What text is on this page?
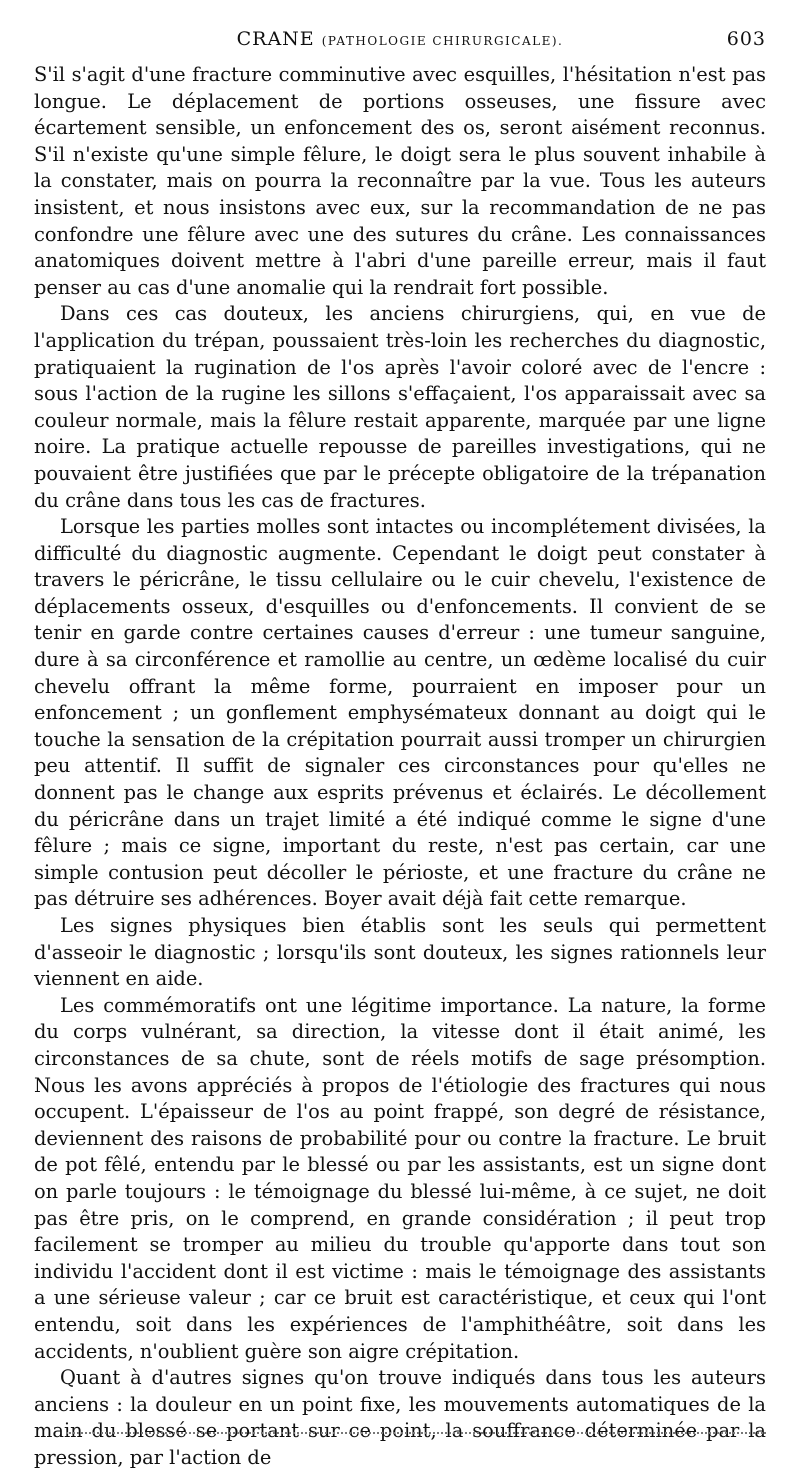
CRANE (PATHOLOGIE CHIRURGICALE).	603

S'il s'agit d'une fracture comminutive avec esquilles, l'hésitation n'est pas longue. Le déplacement de portions osseuses, une fissure avec écartement sensible, un enfoncement des os, seront aisément reconnus. S'il n'existe qu'une simple fêlure, le doigt sera le plus souvent inhabile à la constater, mais on pourra la reconnaître par la vue. Tous les auteurs insistent, et nous insistons avec eux, sur la recommandation de ne pas confondre une fêlure avec une des sutures du crâne. Les connaissances anatomiques doivent mettre à l'abri d'une pareille erreur, mais il faut penser au cas d'une anomalie qui la rendrait fort possible.

Dans ces cas douteux, les anciens chirurgiens, qui, en vue de l'application du trépan, poussaient très-loin les recherches du diagnostic, pratiquaient la rugination de l'os après l'avoir coloré avec de l'encre : sous l'action de la rugine les sillons s'effaçaient, l'os apparaissait avec sa couleur normale, mais la fêlure restait apparente, marquée par une ligne noire. La pratique actuelle repousse de pareilles investigations, qui ne pouvaient être justifiées que par le précepte obligatoire de la trépanation du crâne dans tous les cas de fractures.

Lorsque les parties molles sont intactes ou incomplétement divisées, la difficulté du diagnostic augmente. Cependant le doigt peut constater à travers le péricrâne, le tissu cellulaire ou le cuir chevelu, l'existence de déplacements osseux, d'esquilles ou d'enfoncements. Il convient de se tenir en garde contre certaines causes d'erreur : une tumeur sanguine, dure à sa circonférence et ramollie au centre, un œdème localisé du cuir chevelu offrant la même forme, pourraient en imposer pour un enfoncement ; un gonflement emphysémateux donnant au doigt qui le touche la sensation de la crépitation pourrait aussi tromper un chirurgien peu attentif. Il suffit de signaler ces circonstances pour qu'elles ne donnent pas le change aux esprits prévenus et éclairés. Le décollement du péricrâne dans un trajet limité a été indiqué comme le signe d'une fêlure ; mais ce signe, important du reste, n'est pas certain, car une simple contusion peut décoller le périoste, et une fracture du crâne ne pas détruire ses adhérences. Boyer avait déjà fait cette remarque.

Les signes physiques bien établis sont les seuls qui permettent d'asseoir le diagnostic ; lorsqu'ils sont douteux, les signes rationnels leur viennent en aide.

Les commémoratifs ont une légitime importance. La nature, la forme du corps vulnérant, sa direction, la vitesse dont il était animé, les circonstances de sa chute, sont de réels motifs de sage présomption. Nous les avons appréciés à propos de l'étiologie des fractures qui nous occupent. L'épaisseur de l'os au point frappé, son degré de résistance, deviennent des raisons de probabilité pour ou contre la fracture. Le bruit de pot fêlé, entendu par le blessé ou par les assistants, est un signe dont on parle toujours : le témoignage du blessé lui-même, à ce sujet, ne doit pas être pris, on le comprend, en grande considération ; il peut trop facilement se tromper au milieu du trouble qu'apporte dans tout son individu l'accident dont il est victime : mais le témoignage des assistants a une sérieuse valeur ; car ce bruit est caractéristique, et ceux qui l'ont entendu, soit dans les expériences de l'amphithéâtre, soit dans les accidents, n'oublient guère son aigre crépitation.

Quant à d'autres signes qu'on trouve indiqués dans tous les auteurs anciens : la douleur en un point fixe, les mouvements automatiques de la main du blessé se portant sur ce point, la souffrance déterminée par la pression, par l'action de
